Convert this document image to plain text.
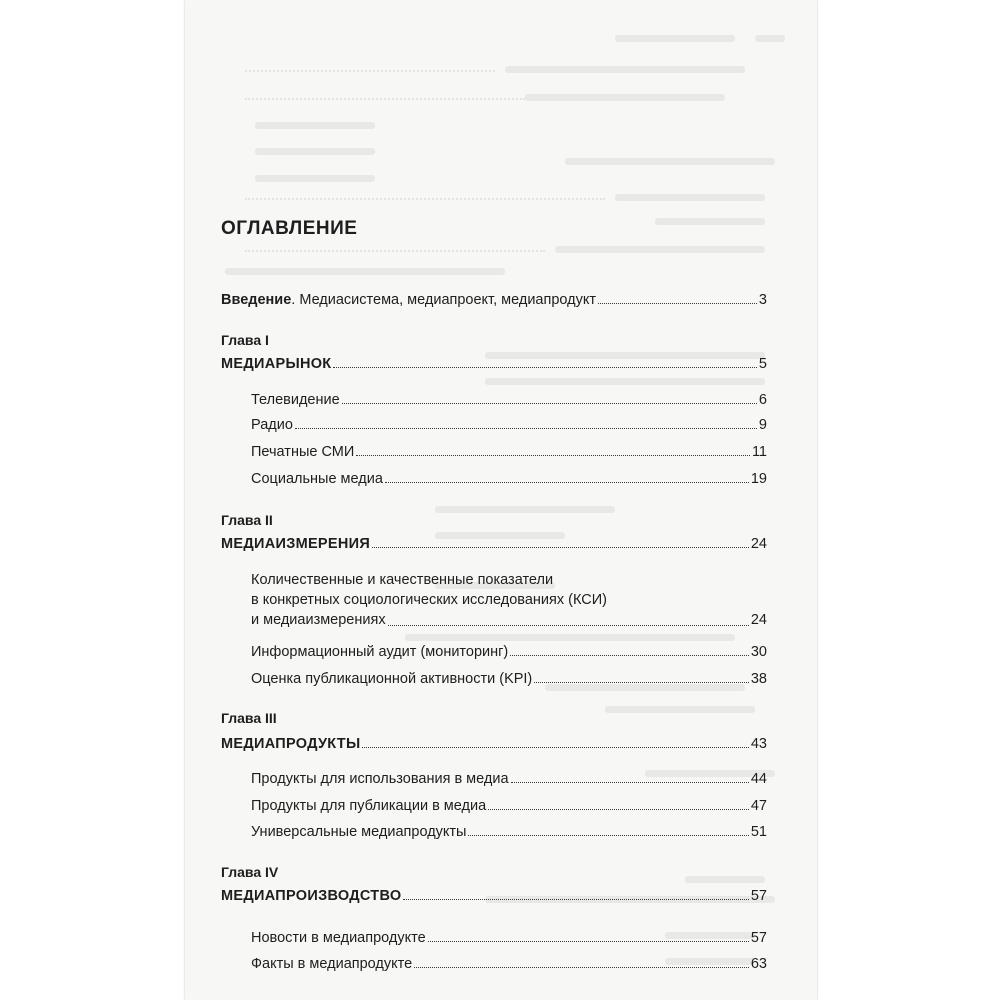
ОГЛАВЛЕНИЕ
Введение. Медиасистема, медиапроект, медиапродукт	3
Глава I
МЕДИАРЫНОК	5
Телевидение	6
Радио	9
Печатные СМИ	11
Социальные медиа	19
Глава II
МЕДИАИЗМЕРЕНИЯ	24
Количественные и качественные показатели
в конкретных социологических исследованиях (КСИ)
и медиаизмерениях	24
Информационный аудит (мониторинг)	30
Оценка публикационной активности (KPI)	38
Глава III
МЕДИАПРОДУКТЫ	43
Продукты для использования в медиа	44
Продукты для публикации в медиа	47
Универсальные медиапродукты	51
Глава IV
МЕДИАПРОИЗВОДСТВО	57
Новости в медиапродукте	57
Факты в медиапродукте	63
